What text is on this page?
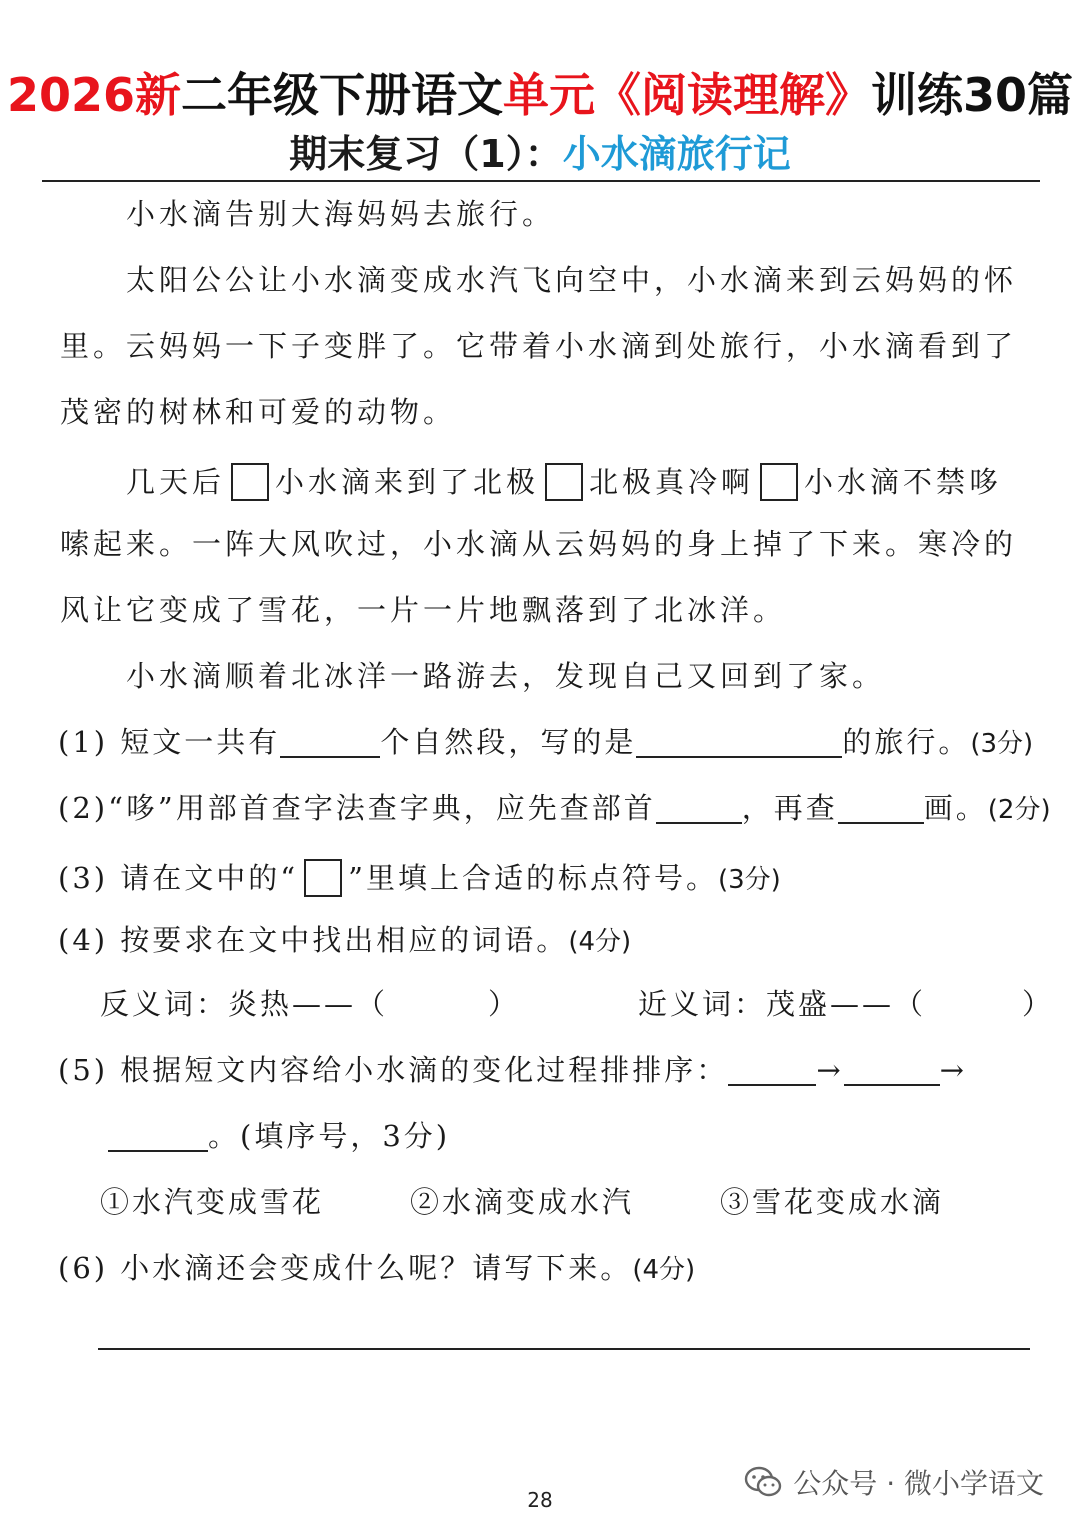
2026新二年级下册语文单元《阅读理解》训练30篇
期末复习（1）：小水滴旅行记
小水滴告别大海妈妈去旅行。
太阳公公让小水滴变成水汽飞向空中，小水滴来到云妈妈的怀
里。云妈妈一下子变胖了。它带着小水滴到处旅行，小水滴看到了
茂密的树林和可爱的动物。
几天后 小水滴来到了北极 北极真冷啊 小水滴不禁哆
嗦起来。一阵大风吹过，小水滴从云妈妈的身上掉了下来。寒冷的
风让它变成了雪花，一片一片地飘落到了北冰洋。
小水滴顺着北冰洋一路游去，发现自己又回到了家。
(1) 短文一共有	个自然段，写的是	的旅行。(3分)
(2)“哆”用部首查字法查字典，应先查部首	，再查	画。(2分)
(3) 请在文中的“ ”里填上合适的标点符号。(3分)
(4) 按要求在文中找出相应的词语。(4分)
反义词：炎热——（	）	近义词：茂盛——（	）
(5) 根据短文内容给小水滴的变化过程排排序：	→	→
。(填序号，3分)
①水汽变成雪花	②水滴变成水汽	③雪花变成水滴
(6) 小水滴还会变成什么呢？请写下来。(4分)
28	公众号 · 微小学语文
